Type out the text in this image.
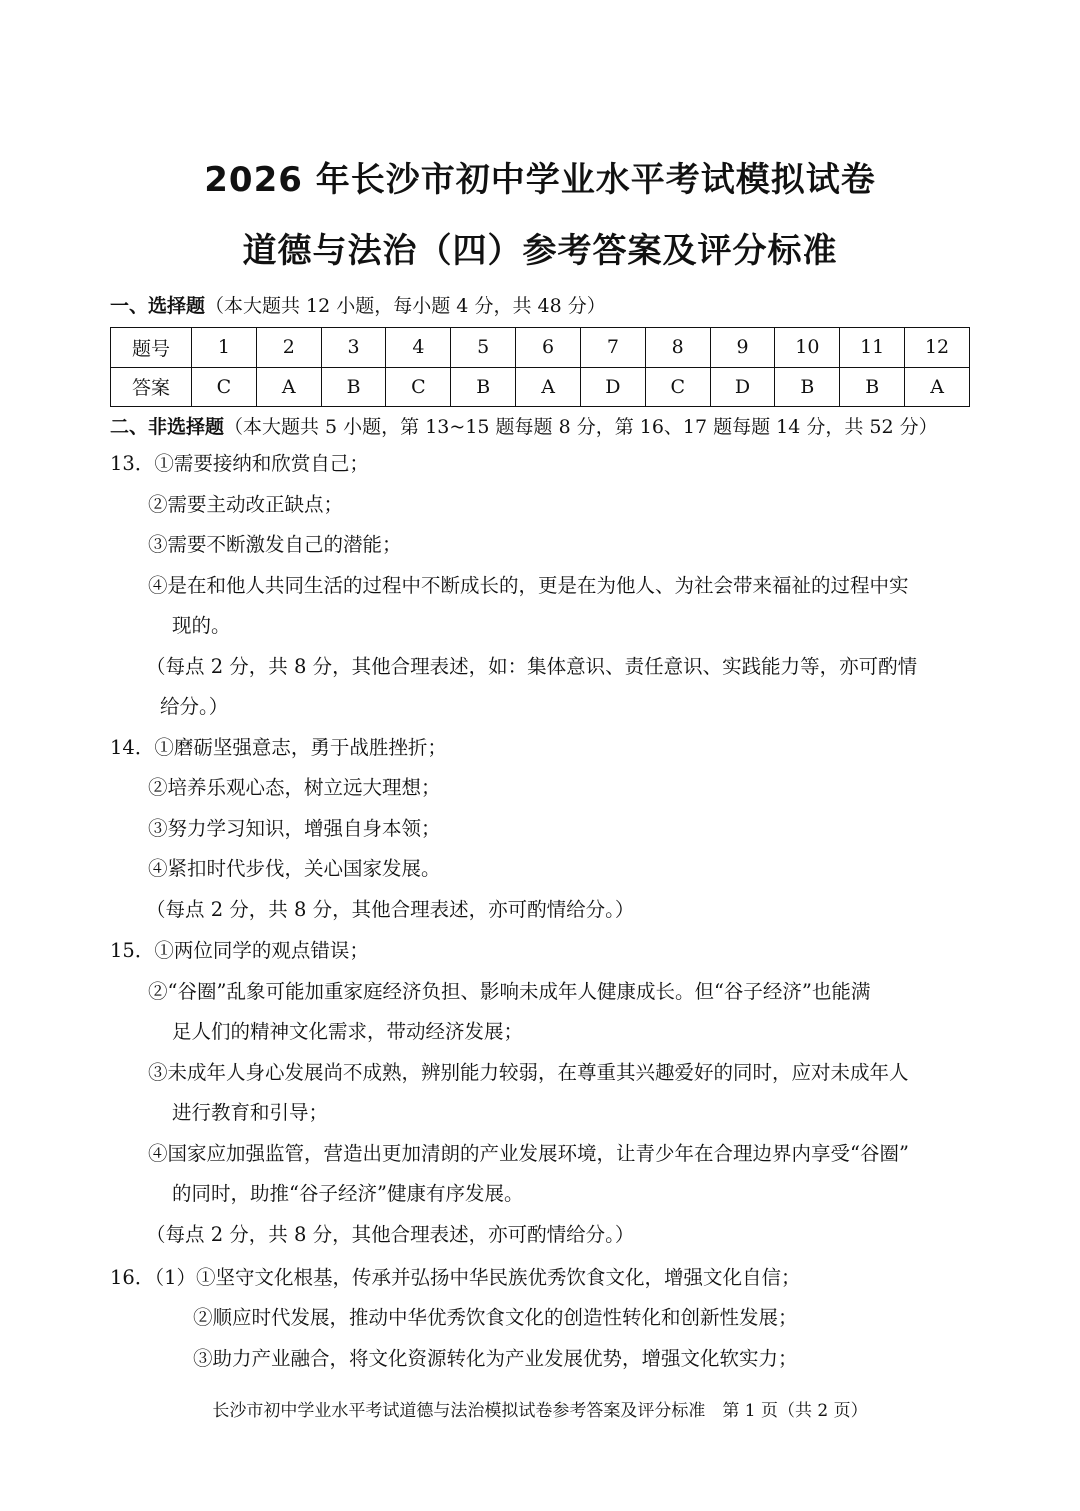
2026 年长沙市初中学业水平考试模拟试卷
道德与法治（四）参考答案及评分标准
一、选择题（本大题共 12 小题，每小题 4 分，共 48 分）
题号	1	2	3	4	5	6	7	8	9	10	11	12
答案	C	A	B	C	B	A	D	C	D	B	B	A
二、非选择题（本大题共 5 小题，第 13~15 题每题 8 分，第 16、17 题每题 14 分，共 52 分）
13．①需要接纳和欣赏自己；
②需要主动改正缺点；
③需要不断激发自己的潜能；
④是在和他人共同生活的过程中不断成长的，更是在为他人、为社会带来福祉的过程中实
现的。
（每点 2 分，共 8 分，其他合理表述，如：集体意识、责任意识、实践能力等，亦可酌情
给分。）
14．①磨砺坚强意志，勇于战胜挫折；
②培养乐观心态，树立远大理想；
③努力学习知识，增强自身本领；
④紧扣时代步伐，关心国家发展。
（每点 2 分，共 8 分，其他合理表述，亦可酌情给分。）
15．①两位同学的观点错误；
②“谷圈”乱象可能加重家庭经济负担、影响未成年人健康成长。但“谷子经济”也能满
足人们的精神文化需求，带动经济发展；
③未成年人身心发展尚不成熟，辨别能力较弱，在尊重其兴趣爱好的同时，应对未成年人
进行教育和引导；
④国家应加强监管，营造出更加清朗的产业发展环境，让青少年在合理边界内享受“谷圈”
的同时，助推“谷子经济”健康有序发展。
（每点 2 分，共 8 分，其他合理表述，亦可酌情给分。）
16．（1）①坚守文化根基，传承并弘扬中华民族优秀饮食文化，增强文化自信；
②顺应时代发展，推动中华优秀饮食文化的创造性转化和创新性发展；
③助力产业融合，将文化资源转化为产业发展优势，增强文化软实力；
长沙市初中学业水平考试道德与法治模拟试卷参考答案及评分标准　第 1 页（共 2 页）
